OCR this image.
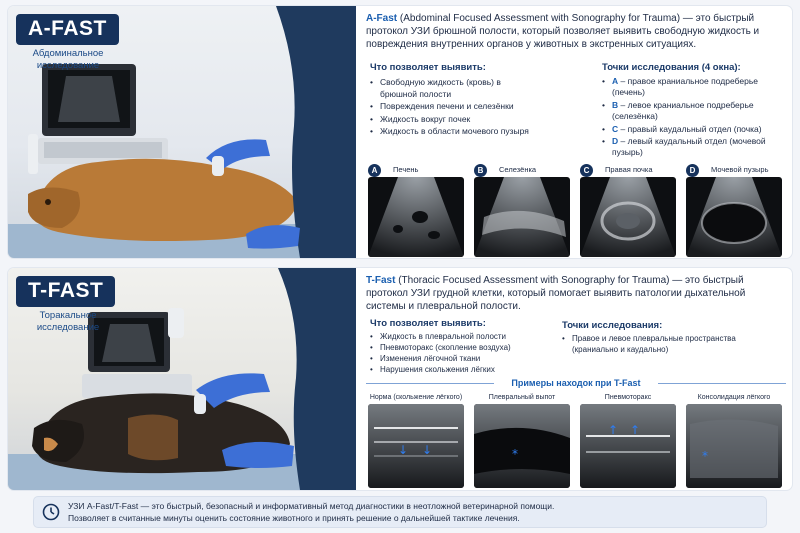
A-FAST
Абдоминальное исследование

A-Fast (Abdominal Focused Assessment with Sonography for Trauma) — это быстрый протокол УЗИ брюшной полости, который позволяет выявить свободную жидкость и повреждения внутренних органов у животных в экстренных ситуациях.

Что позволяет выявить:
• Свободную жидкость (кровь) в брюшной полости
• Повреждения печени и селезёнки
• Жидкость вокруг почек
• Жидкость в области мочевого пузыря
Точки исследования (4 окна):
• A – правое краниальное подреберье (печень)
• B – левое краниальное подреберье (селезёнка)
• C – правый каудальный отдел (почка)
• D – левый каудальный отдел (мочевой пузырь)
A Печень	B Селезёнка	C Правая почка	D Мочевой пузырь
T-FAST
Торакальное исследование

T-Fast (Thoracic Focused Assessment with Sonography for Trauma) — это быстрый протокол УЗИ грудной клетки, который помогает выявить патологии дыхательной системы и плевральной полости.

Что позволяет выявить:
• Жидкость в плевральной полости
• Пневмоторакс (скопление воздуха)
• Изменения лёгочной ткани
• Нарушения скольжения лёгких
Точки исследования:
• Правое и левое плевральные пространства (краниально и каудально)
Примеры находок при T-Fast
Норма (скольжение лёгкого)
↓ ↓
Плевральный выпот
*
Пневмоторакс
↑ ↑
Консолидация лёгкого
*
УЗИ A-Fast/T-Fast — это быстрый, безопасный и информативный метод диагностики в неотложной ветеринарной помощи.
Позволяет в считанные минуты оценить состояние животного и принять решение о дальнейшей тактике лечения.
